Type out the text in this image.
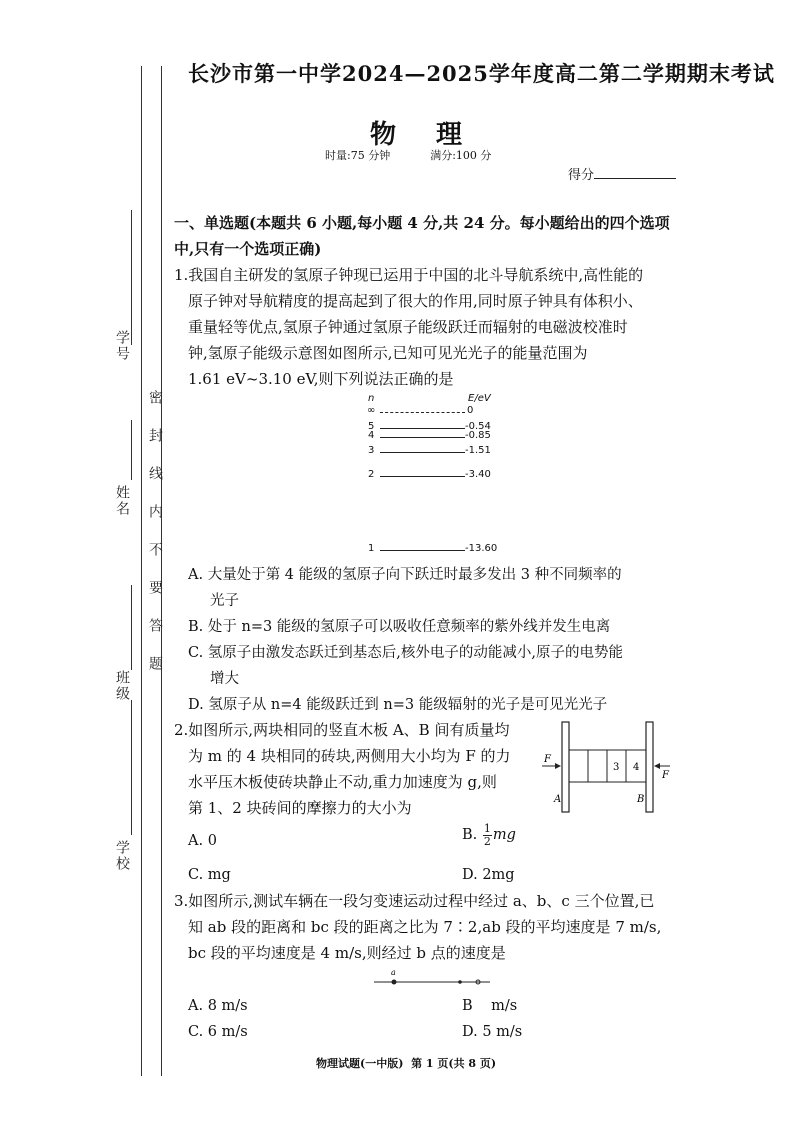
学号
姓名
班级
学校
密封线内不要答题
长沙市第一中学2024—2025学年度高二第二学期期末考试
物理
时量:75 分钟	满分:100 分
得分
一、单选题(本题共 6 小题,每小题 4 分,共 24 分。每小题给出的四个选项
中,只有一个选项正确)
1.我国自主研发的氢原子钟现已运用于中国的北斗导航系统中,高性能的
原子钟对导航精度的提高起到了很大的作用,同时原子钟具有体积小、
重量轻等优点,氢原子钟通过氢原子能级跃迁而辐射的电磁波校准时
钟,氢原子能级示意图如图所示,已知可见光光子的能量范围为
1.61 eV~3.10 eV,则下列说法正确的是
n	E/eV
∞	0
5	-0.54
4	-0.85
3	-1.51
2	-3.40
1	-13.60
A. 大量处于第 4 能级的氢原子向下跃迁时最多发出 3 种不同频率的
光子
B. 处于 n=3 能级的氢原子可以吸收任意频率的紫外线并发生电离
C. 氢原子由激发态跃迁到基态后,核外电子的动能减小,原子的电势能
增大
D. 氢原子从 n=4 能级跃迁到 n=3 能级辐射的光子是可见光光子
2.如图所示,两块相同的竖直木板 A、B 间有质量均
为 m 的 4 块相同的砖块,两侧用大小均为 F 的力
水平压木板使砖块静止不动,重力加速度为 g,则
第 1、2 块砖间的摩擦力的大小为
3 4
F
F
A	B
A. 0	B. $\frac{1}{2}$ mg
C. mg	D. 2mg
3.如图所示,测试车辆在一段匀变速运动过程中经过 a、b、c 三个位置,已
知 ab 段的距离和 bc 段的距离之比为 7∶2,ab 段的平均速度是 7 m/s,
bc 段的平均速度是 4 m/s,则经过 b 点的速度是
a
A. 8 m/s	B    m/s
C. 6 m/s	D. 5 m/s
物理试题(一中版)  第 1 页(共 8 页)
